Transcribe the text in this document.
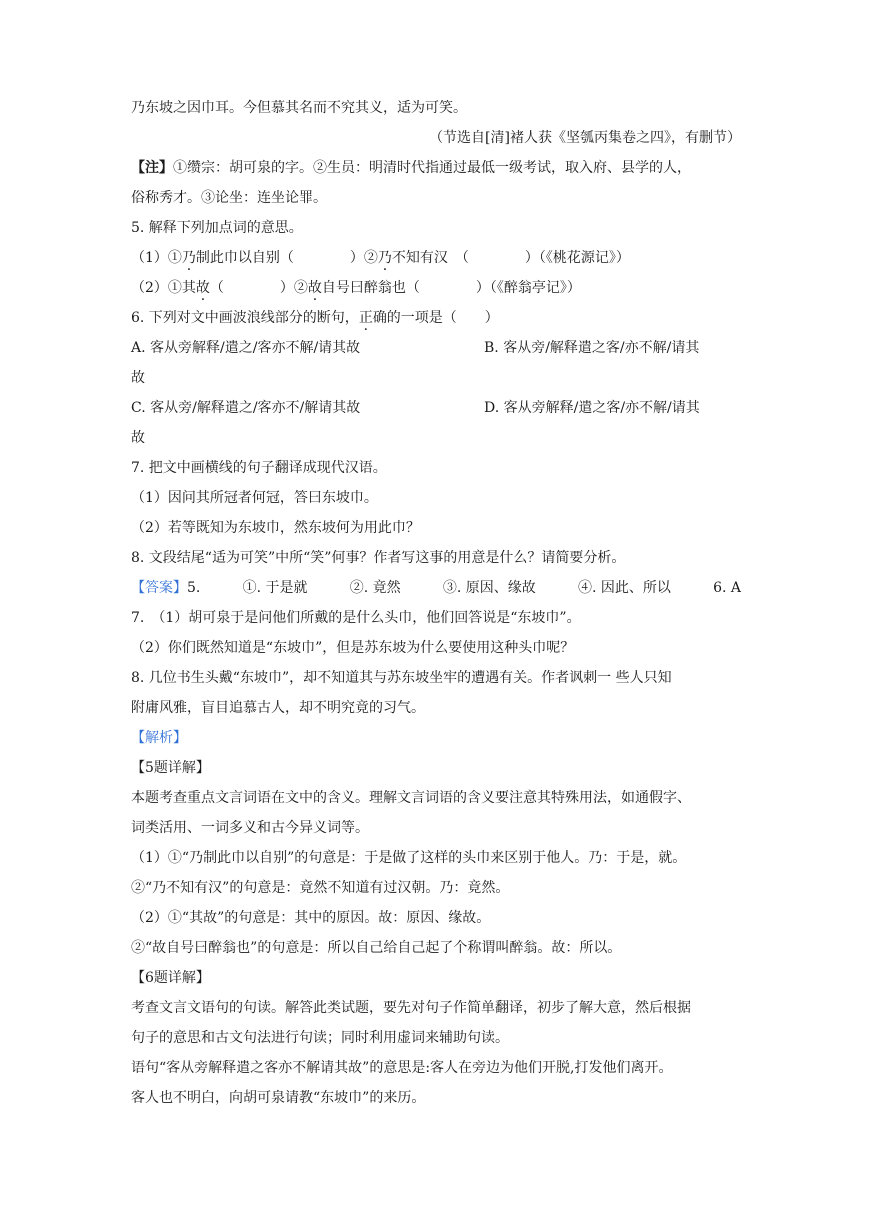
乃东坡之因巾耳。今但慕其名而不究其义，适为可笑。
（节选自[清]褚人获《坚瓠丙集卷之四》，有删节）
【注】①缵宗：胡可泉的字。②生员：明清时代指通过最低一级考试，取入府、县学的人，
俗称秀才。③论坐：连坐论罪。
5. 解释下列加点词的意思。
（1）①乃制此巾以自别（　　　　）②乃不知有汉　（　　　　）（《桃花源记》）
（2）①其故（　　　　）②故自号曰醉翁也（　　　　）（《醉翁亭记》）
6. 下列对文中画波浪线部分的断句，正确的一项是（　　）
A. 客从旁解释/遣之/客亦不解/请其故	B. 客从旁/解释遣之客/亦不解/请其
故
C. 客从旁/解释遣之/客亦不/解请其故	D. 客从旁解释/遣之客/亦不解/请其
故
7. 把文中画横线的句子翻译成现代汉语。
（1）因问其所冠者何冠，答曰东坡巾。
（2）若等既知为东坡巾，然东坡何为用此巾？
8. 文段结尾“适为可笑”中所“笑”何事？作者写这事的用意是什么？请简要分析。
【答案】5.	①. 于是就	②. 竟然	③. 原因、缘故	④. 因此、所以	6. A
7.　（1）胡可泉于是问他们所戴的是什么头巾，他们回答说是“东坡巾”。
（2）你们既然知道是“东坡巾”，但是苏东坡为什么要使用这种头巾呢？
8. 几位书生头戴“东坡巾”，却不知道其与苏东坡坐牢的遭遇有关。作者讽刺一 些人只知
附庸风雅，盲目追慕古人，却不明究竟的习气。
【解析】
【5题详解】
本题考查重点文言词语在文中的含义。理解文言词语的含义要注意其特殊用法，如通假字、
词类活用、一词多义和古今异义词等。
（1）①“乃制此巾以自别”的句意是：于是做了这样的头巾来区别于他人。乃：于是，就。
②“乃不知有汉”的句意是：竟然不知道有过汉朝。乃：竟然。
（2）①“其故”的句意是：其中的原因。故：原因、缘故。
②“故自号曰醉翁也”的句意是：所以自己给自己起了个称谓叫醉翁。故：所以。
【6题详解】
考查文言文语句的句读。解答此类试题，要先对句子作简单翻译，初步了解大意，然后根据
句子的意思和古文句法进行句读；同时利用虚词来辅助句读。
语句“客从旁解释遣之客亦不解请其故”的意思是:客人在旁边为他们开脱,打发他们离开。
客人也不明白，向胡可泉请教“东坡巾”的来历。
